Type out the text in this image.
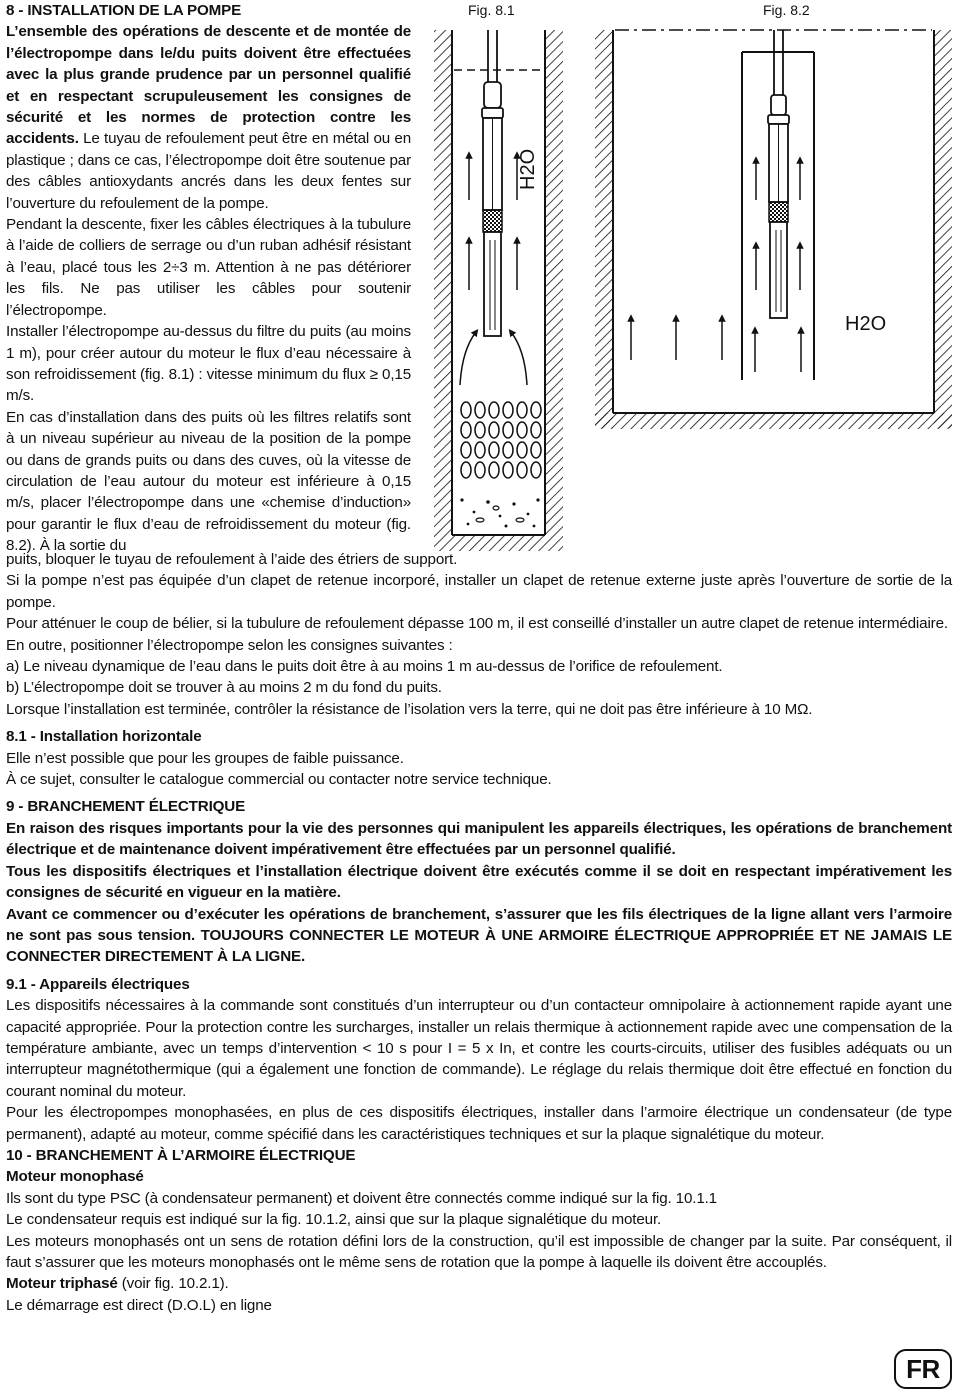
8 - INSTALLATION DE LA POMPE

L’ensemble des opérations de descente et de montée de l’électropompe dans le/du puits doivent être effectuées avec la plus grande prudence par un personnel qualifié et en respectant scrupuleusement les consignes de sécurité et les normes de protection contre les accidents. Le tuyau de refoulement peut être en métal ou en plastique ; dans ce cas, l’électropompe doit être soutenue par des câbles antioxydants ancrés dans les deux fentes sur l’ouverture du refoulement de la pompe.

Pendant la descente, fixer les câbles électriques à la tubulure à l’aide de colliers de serrage ou d’un ruban adhésif résistant à l’eau, placé tous les 2÷3 m. Attention à ne pas détériorer les fils. Ne pas utiliser les câbles pour soutenir l’électropompe.

Installer l’électropompe au-dessus du filtre du puits (au moins 1 m), pour créer autour du moteur le flux d’eau nécessaire à son refroidissement (fig. 8.1) : vitesse minimum du flux ≥ 0,15 m/s.

En cas d’installation dans des puits où les filtres relatifs sont à un niveau supérieur au niveau de la position de la pompe ou dans de grands puits ou dans des cuves, où la vitesse de circulation de l’eau autour du moteur est inférieure à 0,15 m/s, placer l’électropompe dans une «chemise d’induction» pour garantir le flux d’eau de refroidissement du moteur (fig. 8.2). À la sortie du

Fig. 8.1	Fig. 8.2
H2O
H2O

puits, bloquer le tuyau de refoulement à l’aide des étriers de support.

Si la pompe n’est pas équipée d’un clapet de retenue incorporé, installer un clapet de retenue externe juste après l’ouverture de sortie de la pompe.

Pour atténuer le coup de bélier, si la tubulure de refoulement dépasse 100 m, il est conseillé d’installer un autre clapet de retenue intermédiaire.

En outre, positionner l’électropompe selon les consignes suivantes :

a) Le niveau dynamique de l’eau dans le puits doit être à au moins 1 m au-dessus de l’orifice de refoulement.

b) L’électropompe doit se trouver à au moins 2 m du fond du puits.

Lorsque l’installation est terminée, contrôler la résistance de l’isolation vers la terre, qui ne doit pas être inférieure à 10 MΩ.

8.1 - Installation horizontale

Elle n’est possible que pour les groupes de faible puissance.

À ce sujet, consulter le catalogue commercial ou contacter notre service technique.

9 - BRANCHEMENT ÉLECTRIQUE

En raison des risques importants pour la vie des personnes qui manipulent les appareils électriques, les opérations de branchement électrique et de maintenance doivent impérativement être effectuées par un personnel qualifié.

Tous les dispositifs électriques et l’installation électrique doivent être exécutés comme il se doit en respectant impérativement les consignes de sécurité en vigueur en la matière.

Avant ce commencer ou d’exécuter les opérations de branchement, s’assurer que les fils électriques de la ligne allant vers l’armoire ne sont pas sous tension. TOUJOURS CONNECTER LE MOTEUR À UNE ARMOIRE ÉLECTRIQUE APPROPRIÉE ET NE JAMAIS LE CONNECTER DIRECTEMENT À LA LIGNE.

9.1 - Appareils électriques

Les dispositifs nécessaires à la commande sont constitués d’un interrupteur ou d’un contacteur omnipolaire à actionnement rapide ayant une capacité appropriée. Pour la protection contre les surcharges, installer un relais thermique à actionnement rapide avec une compensation de la température ambiante, avec un temps d’intervention < 10 s pour I = 5 x In, et contre les courts-circuits, utiliser des fusibles adéquats ou un interrupteur magnétothermique (qui a également une fonction de commande). Le réglage du relais thermique doit être effectué en fonction du courant nominal du moteur.

Pour les électropompes monophasées, en plus de ces dispositifs électriques, installer dans l’armoire électrique un condensateur (de type permanent), adapté au moteur, comme spécifié dans les caractéristiques techniques et sur la plaque signalétique du moteur.

10 - BRANCHEMENT À L’ARMOIRE ÉLECTRIQUE

Moteur monophasé

Ils sont du type PSC (à condensateur permanent) et doivent être connectés comme indiqué sur la fig. 10.1.1

Le condensateur requis est indiqué sur la fig. 10.1.2, ainsi que sur la plaque signalétique du moteur.

Les moteurs monophasés ont un sens de rotation défini lors de la construction, qu’il est impossible de changer par la suite. Par conséquent, il faut s’assurer que les moteurs monophasés ont le même sens de rotation que la pompe à laquelle ils doivent être accouplés.

Moteur triphasé (voir fig. 10.2.1).

Le démarrage est direct (D.O.L) en ligne

FR
